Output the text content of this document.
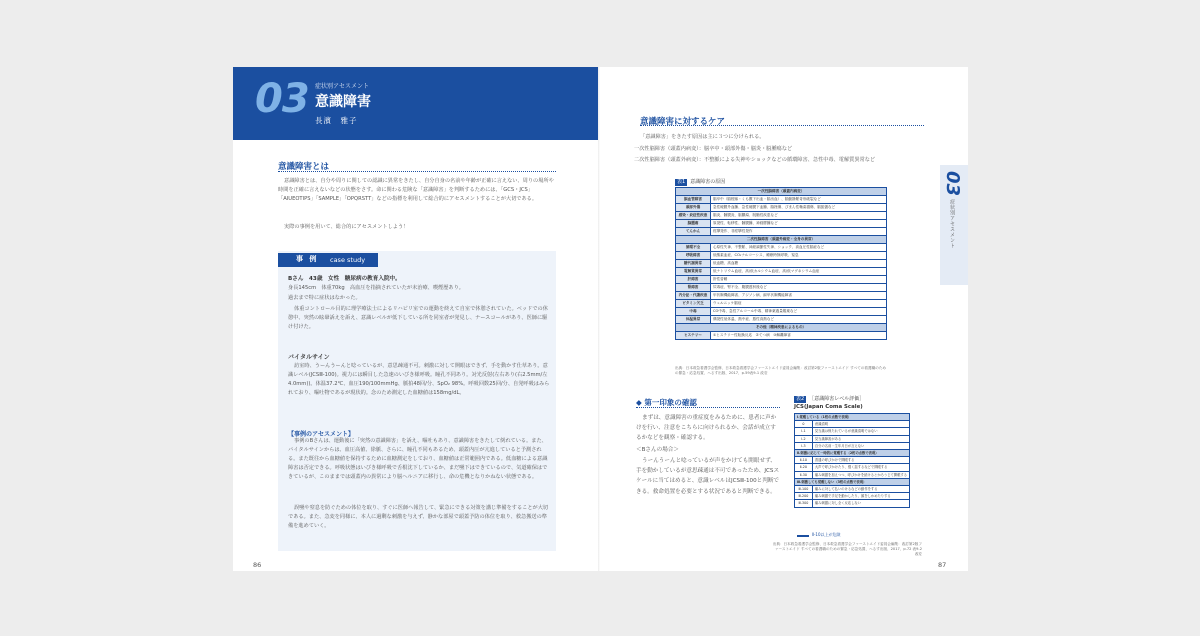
03 症状別アセスメント
意識障害
長濱　雅子
意識障害とは

意識障害とは、自分や周りに関しての認識に異常をきたし、自分自身の名前や年齢が正確に言えない、周りの場所や時間を正確に言えないなどの状態をさす。命に関わる危険な「意識障害」を判断するためには、「GCS・JCS」「AIUEOTIPS」「SAMPLE」「OPQRSTT」などの指標を利用して総合的にアセスメントすることが大切である。

実際の事例を用いて、総合的にアセスメントしよう！

事 例 case study
Bさん　43歳　女性　糖尿病の教育入院中。

身長145cm　体重70kg　高血圧を指摘されていたが未治療、喫煙歴あり。

過去まで特に症状はなかった。

体重コントロール目的に理学療法士によるリハビリ室での運動を終えて自室で休憩されていた。ベッドでの休憩中、突然の眩暈訴えを訴え、意識レベルが低下している所を同室者が発見し、ナースコールがあり、医師に駆け付けた。

バイタルサイン

訪室時、うーんうーんと唸っているが、意思疎通不可。刺激に対して開眼はできず、手を動かす仕草あり。意識レベル(JCSⅢ-100)。視力には瞬目した急速のいびき様呼吸。瞳孔不同あり。対光反射(左右あり(右2.5mm/左4.0mm))。体温37.2℃、血圧190/100mmHg、脈拍48回/分、SpO₂ 98%。呼吸回数25回/分、自発呼吸はみられており、嘔吐物であるが現状的。念のため測定した血糖値は158mg/dL。

【事例のアセスメント】

事例のBさんは、運動後に「突然の意識障害」を訴え、嘔吐もあり、意識障害をきたして倒れている。また、バイタルサインからは、血圧高値、徐脈、さらに、瞳孔不同もあるため、頭蓋内圧が亢進していると予測される。また既往から血糖値を保持するために血糖測定をしており、血糖値は正常範囲内である。低血糖による意識障害は否定できる。呼吸状態はいびき様呼吸で舌根沈下しているか、まだ嚥下はできているので、気道確保はできているが、このままでは頭蓋内の異常により脳ヘルニアに移行し、命の危機となりかねない状態である。

誤嚥や窒息を防ぐための体位を取り、すぐに医師へ報告して、緊急にできる対策を講じ準備をすることが大切である。また、急変を同様に、本人に過剰な刺激を与えず、静かな部屋で頭蓋予防の体位を取り、救急搬送の準備を進めていく。

86
意識障害に対するケア
「意識障害」をきたす原因は主に３つに分けられる。
一次性脳障害（頭蓋内病変）：脳卒中・頭部外傷・脳炎・脳腫瘍など
二次性脳障害（頭蓋外病変）：不整脈による失神やショックなどの循環障害、急性中毒、電解質異常など
03
症状別アセスメント
表1 意識障害の原因
一次性脳障害（頭蓋内病変）	
脳血管障害	脳卒中（脳梗塞・くも膜下出血・脳出血）、脳動静脈奇形破裂など
頭部外傷	急性硬膜外血腫、急性硬膜下血腫、脳挫傷、びまん性軸索損傷、脳振盪など
感染・炎症性疾患	脳炎、髄膜炎、脳膿瘍、脱髄性疾患など
脳腫瘍	原発性、転移性、髄膜腫、神経膠腫など
てんかん	痙攣発作、非痙攣性発作
二次性脳障害（頭蓋外病変・全身の異常）	
循環不全	心原性失神、不整脈、神経調節性失神、ショック、高血圧性脳症など
呼吸障害	低酸素血症、CO₂ナルコーシス、睡眠時無呼吸、窒息
糖代謝異常	低血糖、高血糖
電解質異常	低ナトリウム血症、高/低カルシウム血症、高/低マグネシウム血症
肝障害	肝性昏睡
腎障害	尿毒症、腎不全、腹膜透析後など
内分泌・代謝疾患	甲状腺機能障害、アジソン病、副甲状腺機能障害
ビタミン欠乏	ウェルニッケ脳症
中毒	CO中毒、急性アルコール中毒、精神薬過量服薬など
体温異常	偶発性低体温、熱中症、悪性高熱など
その他（精神疾患によるもの）	
ヒステリー	①ヒステリー性転換反応　②てつ病　③解離障害
出典：日本救急看護学会監修、日本救急看護学会ファーストエイド委員会編集：改訂第2版ファーストエイド すべての看護職のための緊急・応急処置、へるす出版、2017、p.59表9-1 改変
◆ 第一印象の確認

まずは、意識障害の重症度をみるために、患者に声かけを行い、注意をこちらに向けられるか、会話が成立するかなどを観察・確認する。

＜Bさんの場合＞

うーんうーんと唸っているが声をかけても開眼せず、手を動かしているが意思疎通は不可であったため、JCSスケールに当てはめると、意識レベルはJCSⅢ-100と判断できる。救命処置を必要とする状況であると判断できる。

表2 ［意識障害レベル評価］
JCS(Japan Coma Scale)
Ⅰ.覚醒している（1桁の点数で表現）	
0	意識清明
Ⅰ-1	見当識は保たれているが意識清明ではない
Ⅰ-2	見当識障害がある
Ⅰ-3	自分の名前・生年月日が言えない
Ⅱ.刺激に応じて一時的に覚醒する（2桁の点数で表現）	
Ⅱ-10	普通の呼びかけで開眼する
Ⅱ-20	大声で呼びかけたり、強く揺するなどで開眼する
Ⅱ-30	痛み刺激を加えつつ、呼びかけを続けるとかろうじて開眼する
Ⅲ.刺激しても覚醒しない（3桁の点数で表現）	
Ⅲ-100	痛みに対して払いのけるなどの動作をする
Ⅲ-200	痛み刺激で手足を動かしたり、顔をしかめたりする
Ⅲ-300	痛み刺激に対し全く反応しない
Ⅱ-10以上が危険
出典：日本救急看護学会監修、日本救急看護学会ファーストエイド委員会編集：改訂第2版ファーストエイド すべての看護職のための緊急・応急処置、へるす出版、2017、p.72 表9-2 改変
87
